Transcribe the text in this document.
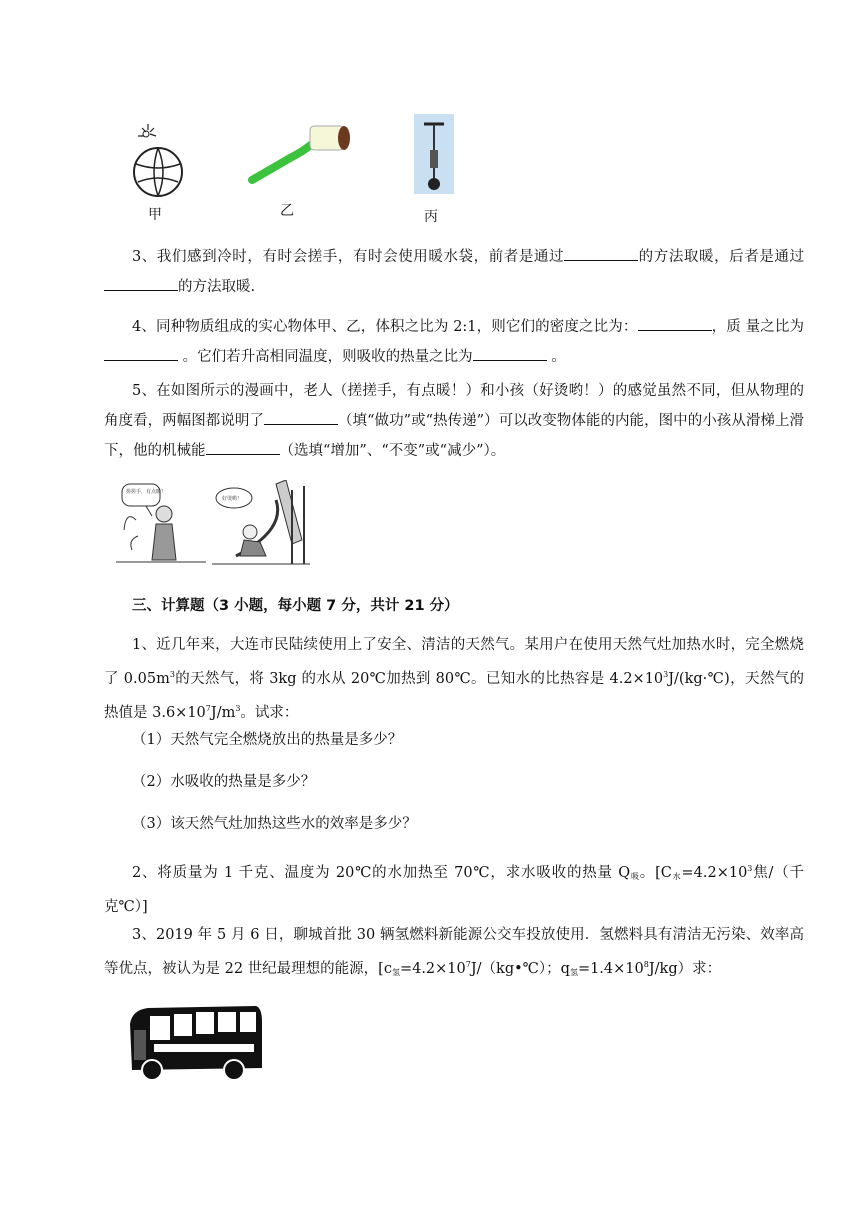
甲	乙	丙
3、我们感到冷时，有时会搓手，有时会使用暖水袋，前者是通过	的方法取暖，后者是通过的方法取暖.
4、同种物质组成的实心物体甲、乙，体积之比为 2:1，则它们的密度之比为：	，质 量之比为 。它们若升高相同温度，则吸收的热量之比为	。
5、在如图所示的漫画中，老人（搓搓手，有点暖！）和小孩（好烫哟！）的感觉虽然不同，但从物理的角度看，两幅图都说明了	（填“做功”或“热传递”）可以改变物体能的内能，图中的小孩从滑梯上滑下，他的机械能	（选填“增加”、“不变”或“减少”）。
搓搓手，有点暖！
好烫哟！
三、计算题（3 小题，每小题 7 分，共计 21 分）
1、近几年来，大连市民陆续使用上了安全、清洁的天然气。某用户在使用天然气灶加热水时，完全燃烧了 $0.05m^3$的天然气，将 3kg 的水从 20℃加热到 80℃。已知水的比热容是 $4.2\times 10^3J/(kg\cdot℃)$，天然气的热值是 $3.6\times 10^7J/m^3$。试求：
（1）天然气完全燃烧放出的热量是多少？
（2）水吸收的热量是多少？
（3）该天然气灶加热这些水的效率是多少？
2、将质量为 1 千克、温度为 20℃的水加热至 70℃，求水吸收的热量 $Q_吸$。[$C_水=4.2\times 10^3$焦/（千克℃）]
3、2019 年 5 月 6 日，聊城首批 30 辆氢燃料新能源公交车投放使用．氢燃料具有清洁无污染、效率高等优点，被认为是 22 世纪最理想的能源，[$c_氢=4.2\times 10^7J/(kg•℃)$；$q_氢=1.4\times 10^8J/kg$）求：
